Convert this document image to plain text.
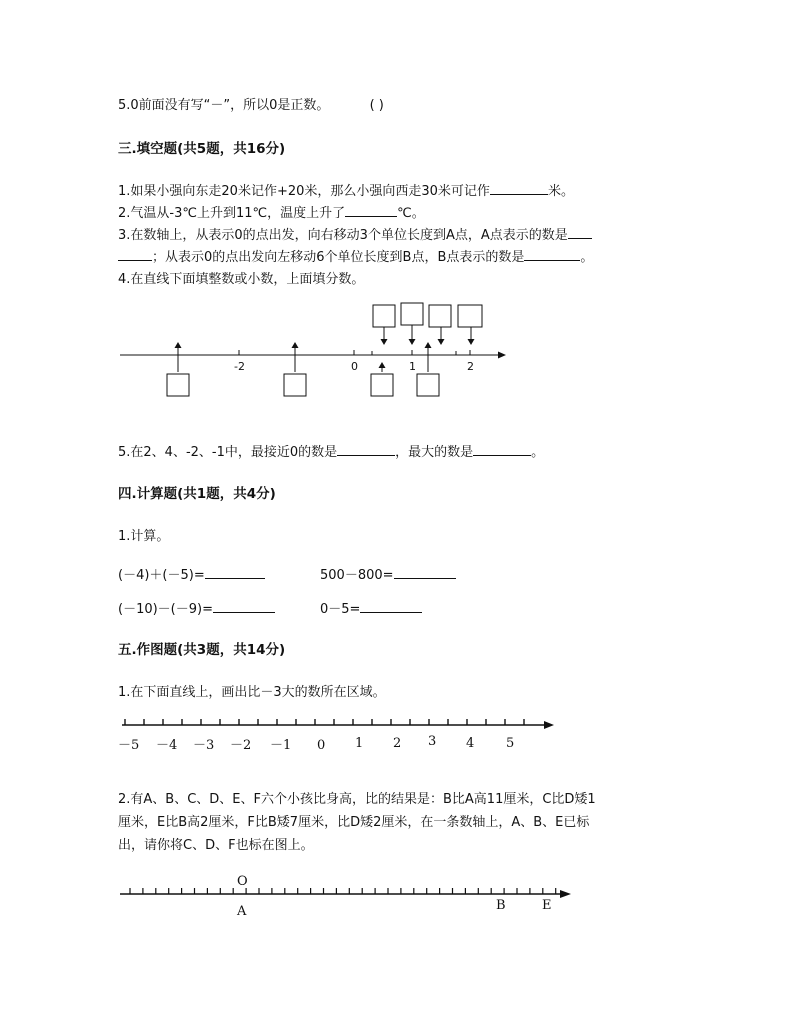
5.0前面没有写“－”，所以0是正数。	( )
三.填空题(共5题，共16分)
1.如果小强向东走20米记作+20米，那么小强向西走30米可记作	米。
2.气温从-3℃上升到11℃，温度上升了	℃。
3.在数轴上，从表示0的点出发，向右移动3个单位长度到A点，A点表示的数是
；从表示0的点出发向左移动6个单位长度到B点，B点表示的数是	。
4.在直线下面填整数或小数，上面填分数。
-2	0	1	2
5.在2、4、-2、-1中，最接近0的数是	，最大的数是	。
四.计算题(共1题，共4分)
1.计算。
(－4)＋(－5)=	500－800=
(－10)－(－9)=	0－5=
五.作图题(共3题，共14分)
1.在下面直线上，画出比－3大的数所在区域。
－5 －4 －3 －2 －1 0 1 2 3 4 5
2.有A、B、C、D、E、F六个小孩比身高，比的结果是：B比A高11厘米，C比D矮1
厘米，E比B高2厘米，F比B矮7厘米，比D矮2厘米，在一条数轴上，A、B、E已标
出，请你将C、D、F也标在图上。
O
A	B	E
